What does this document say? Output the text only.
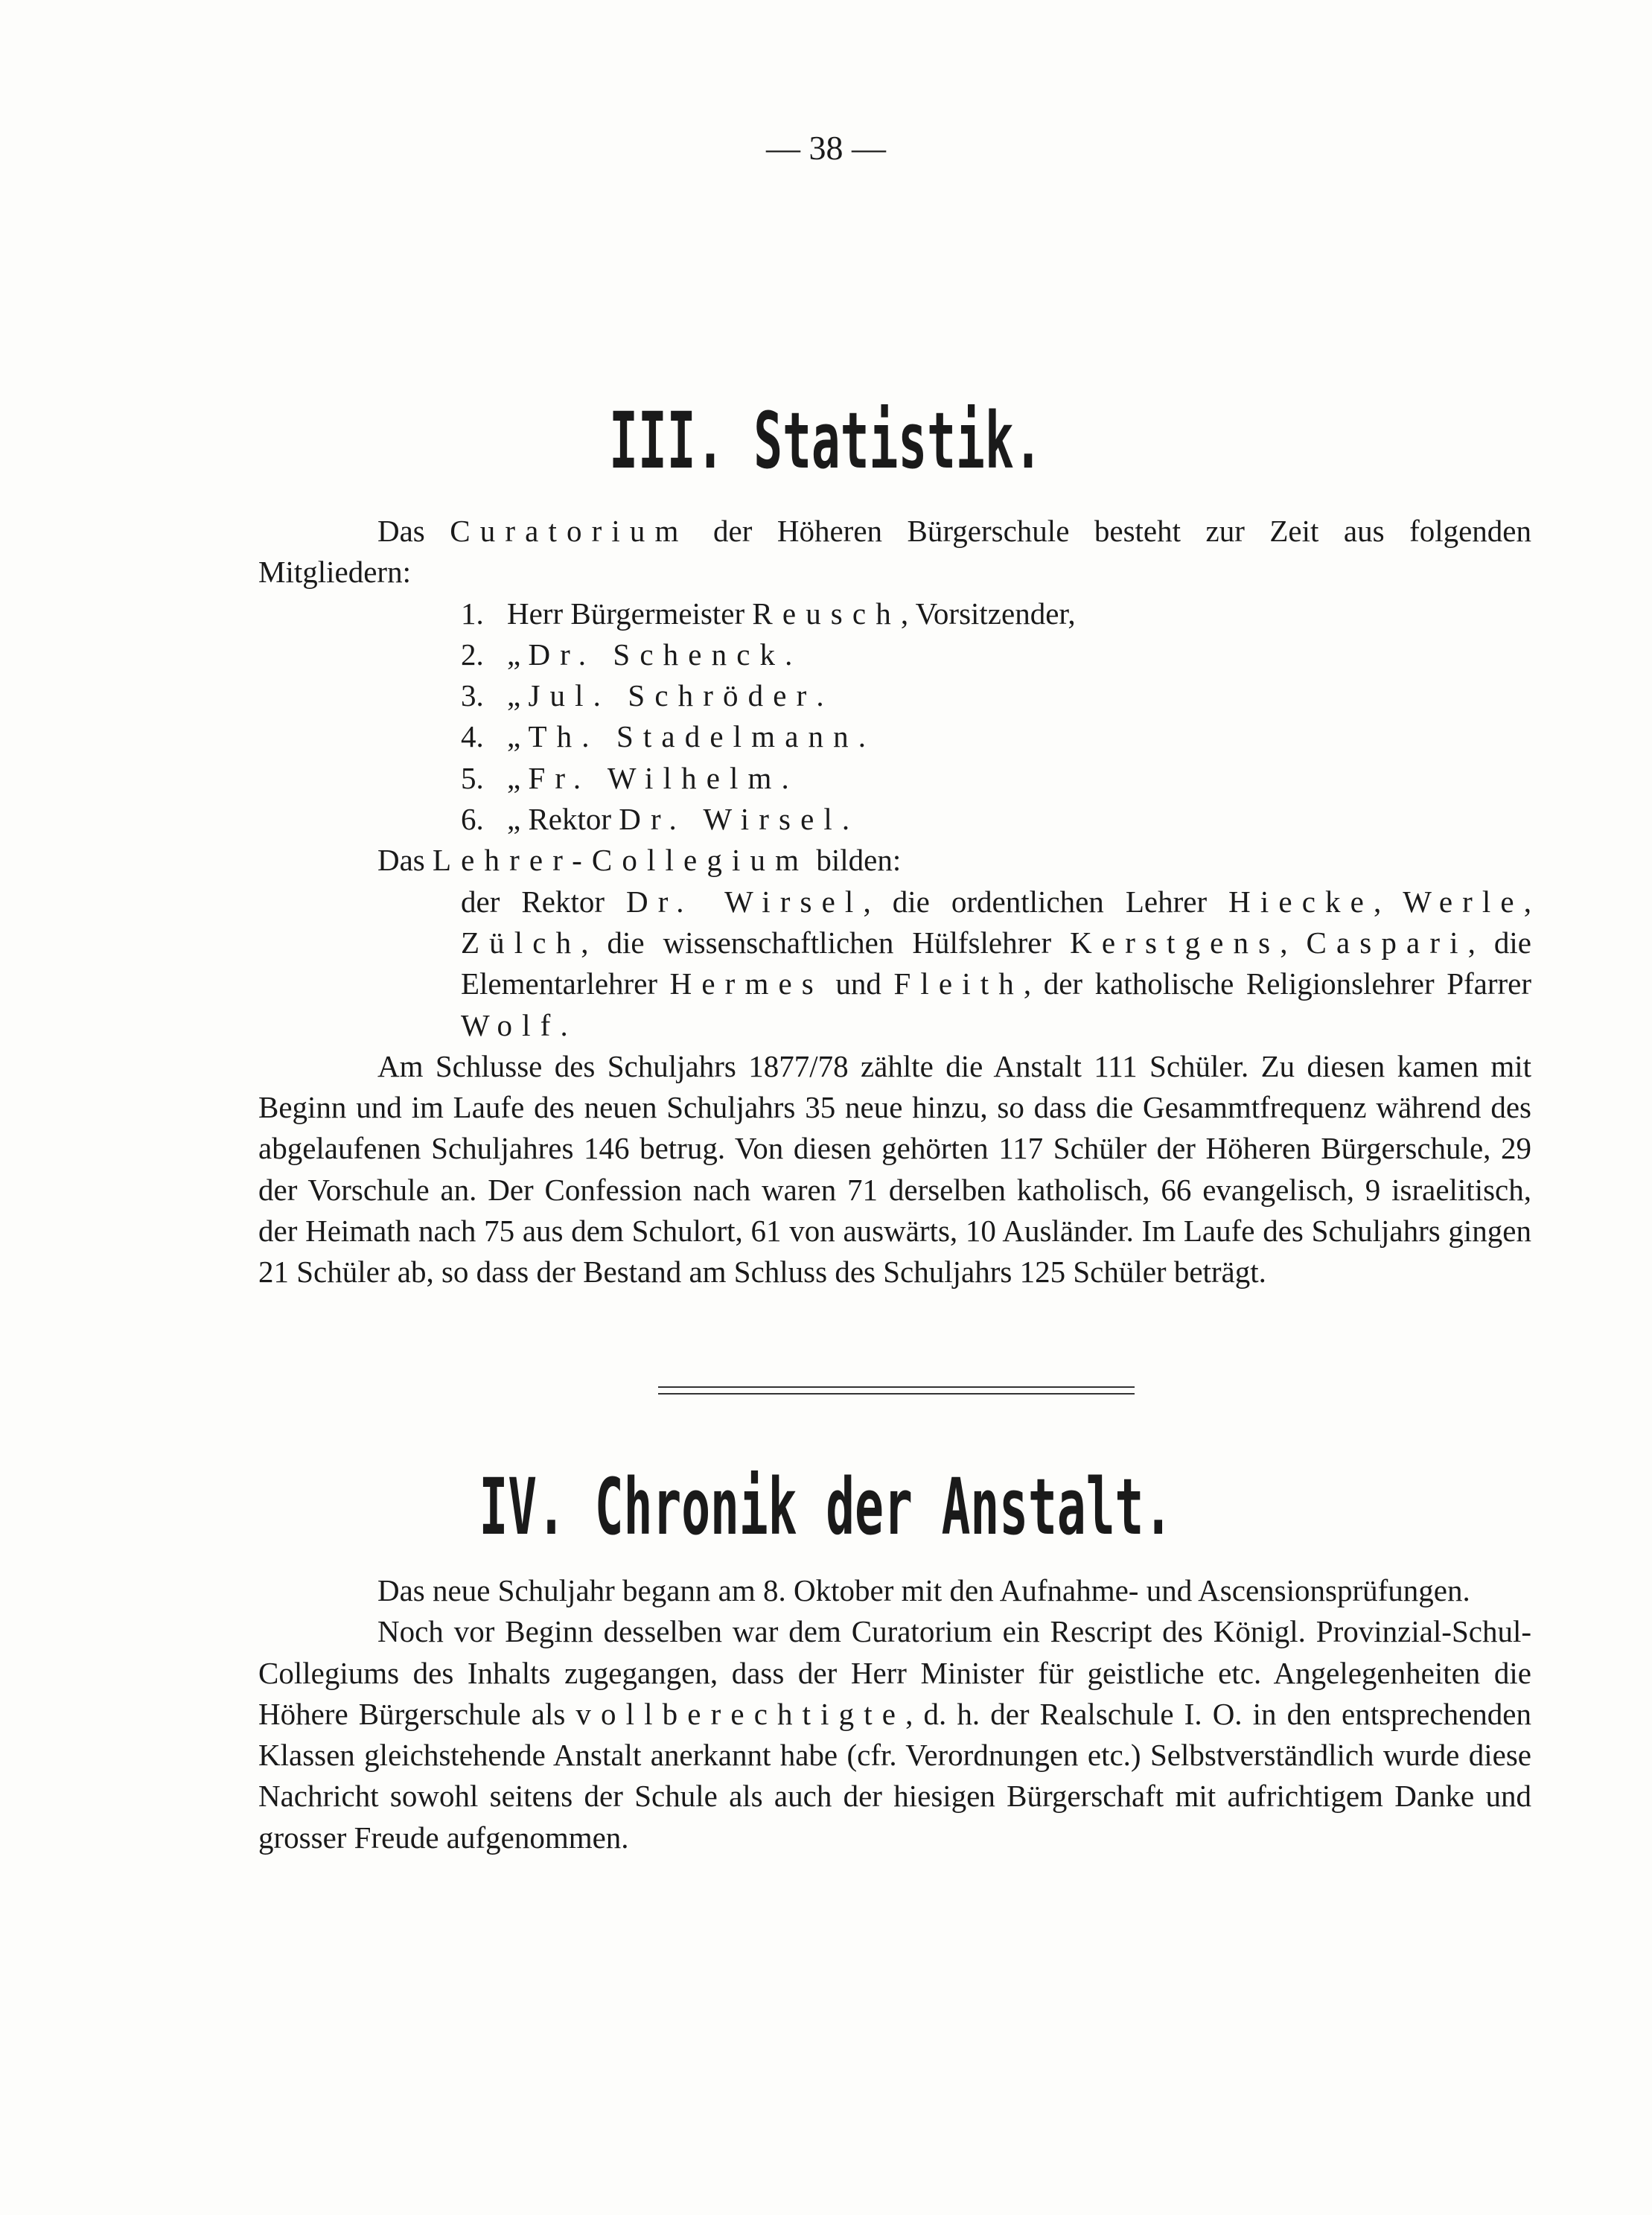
— 38 —
III. Statistik.

Das Curatorium der Höheren Bürgerschule besteht zur Zeit aus folgenden Mitgliedern:

1. Herr Bürgermeister Reusch, Vorsitzender,
2. „ Dr. Schenck.
3. „ Jul. Schröder.
4. „ Th. Stadelmann.
5. „ Fr. Wilhelm.
6. „ Rektor Dr. Wirsel.

Das Lehrer-Collegium bilden:

der Rektor Dr. Wirsel, die ordentlichen Lehrer Hiecke, Werle, Zülch, die wissenschaftlichen Hülfslehrer Kerstgens, Caspari, die Elementarlehrer Hermes und Fleith, der katholische Religionslehrer Pfarrer Wolf.

Am Schlusse des Schuljahrs 1877/78 zählte die Anstalt 111 Schüler. Zu diesen kamen mit Beginn und im Laufe des neuen Schuljahrs 35 neue hinzu, so dass die Gesammtfrequenz während des abgelaufenen Schuljahres 146 betrug. Von diesen gehörten 117 Schüler der Höheren Bürgerschule, 29 der Vorschule an. Der Confession nach waren 71 derselben katholisch, 66 evangelisch, 9 israelitisch, der Heimath nach 75 aus dem Schulort, 61 von auswärts, 10 Ausländer. Im Laufe des Schuljahrs gingen 21 Schüler ab, so dass der Bestand am Schluss des Schuljahrs 125 Schüler beträgt.

IV. Chronik der Anstalt.

Das neue Schuljahr begann am 8. Oktober mit den Aufnahme- und Ascensionsprüfungen.

Noch vor Beginn desselben war dem Curatorium ein Rescript des Königl. Provinzial-Schul-Collegiums des Inhalts zugegangen, dass der Herr Minister für geistliche etc. Angelegenheiten die Höhere Bürgerschule als vollberechtigte, d. h. der Realschule I. O. in den entsprechenden Klassen gleichstehende Anstalt anerkannt habe (cfr. Verordnungen etc.) Selbstverständlich wurde diese Nachricht sowohl seitens der Schule als auch der hiesigen Bürgerschaft mit aufrichtigem Danke und grosser Freude aufgenommen.
